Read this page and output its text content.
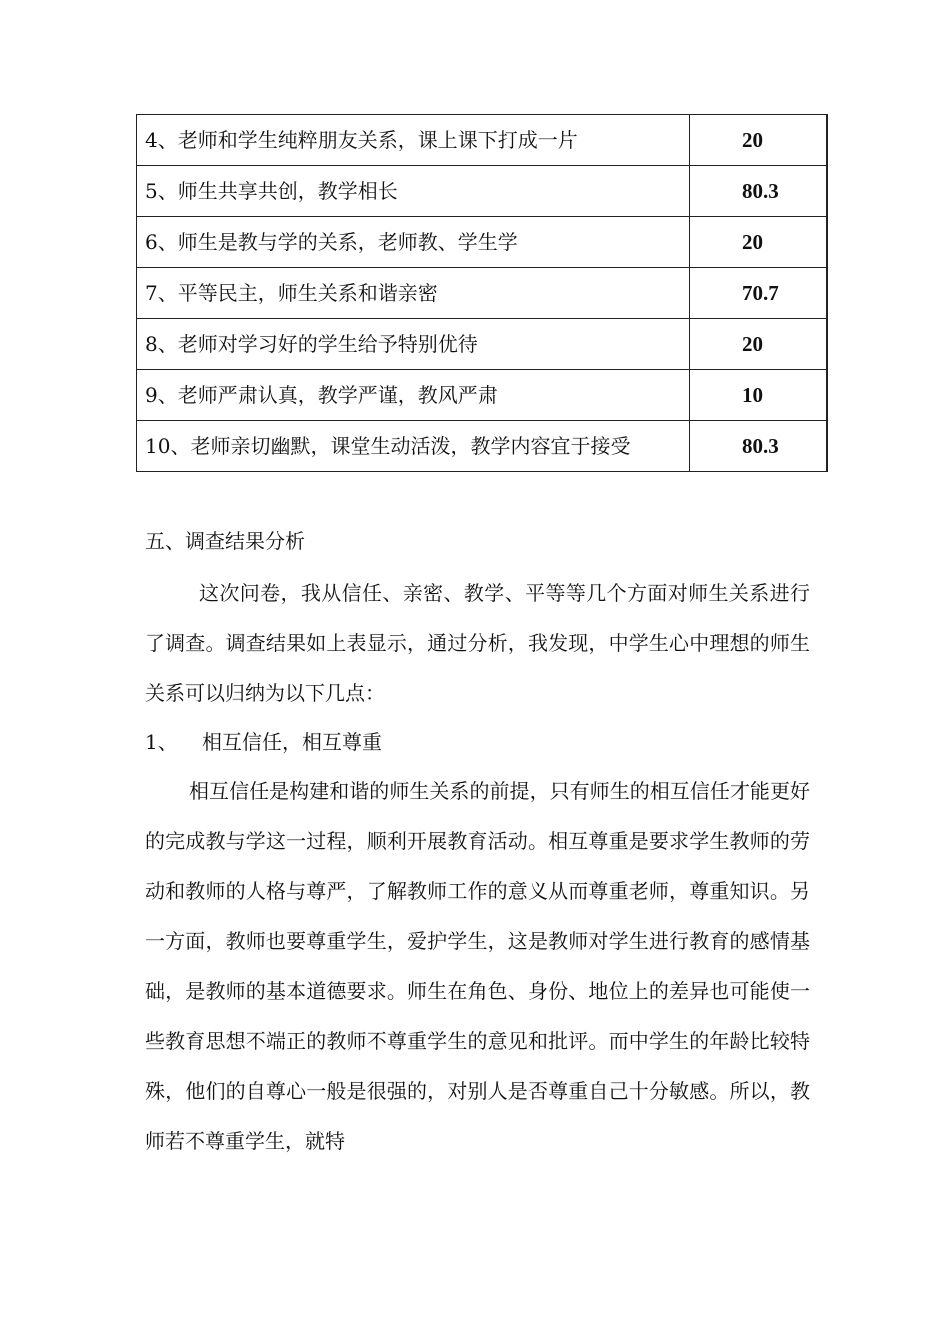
4、老师和学生纯粹朋友关系，课上课下打成一片	20
5、师生共享共创，教学相长	80.3
6、师生是教与学的关系，老师教、学生学	20
7、平等民主，师生关系和谐亲密	70.7
8、老师对学习好的学生给予特别优待	20
9、老师严肃认真，教学严谨，教风严肃	10
10、老师亲切幽默，课堂生动活泼，教学内容宜于接受	80.3
五、调查结果分析

这次问卷，我从信任、亲密、教学、平等等几个方面对师生关系进行了调查。调查结果如上表显示，通过分析，我发现，中学生心中理想的师生关系可以归纳为以下几点：

1、 相互信任，相互尊重

相互信任是构建和谐的师生关系的前提，只有师生的相互信任才能更好的完成教与学这一过程，顺利开展教育活动。相互尊重是要求学生教师的劳动和教师的人格与尊严，了解教师工作的意义从而尊重老师，尊重知识。另一方面，教师也要尊重学生，爱护学生，这是教师对学生进行教育的感情基础，是教师的基本道德要求。师生在角色、身份、地位上的差异也可能使一些教育思想不端正的教师不尊重学生的意见和批评。而中学生的年龄比较特殊，他们的自尊心一般是很强的，对别人是否尊重自己十分敏感。所以，教师若不尊重学生，就特
